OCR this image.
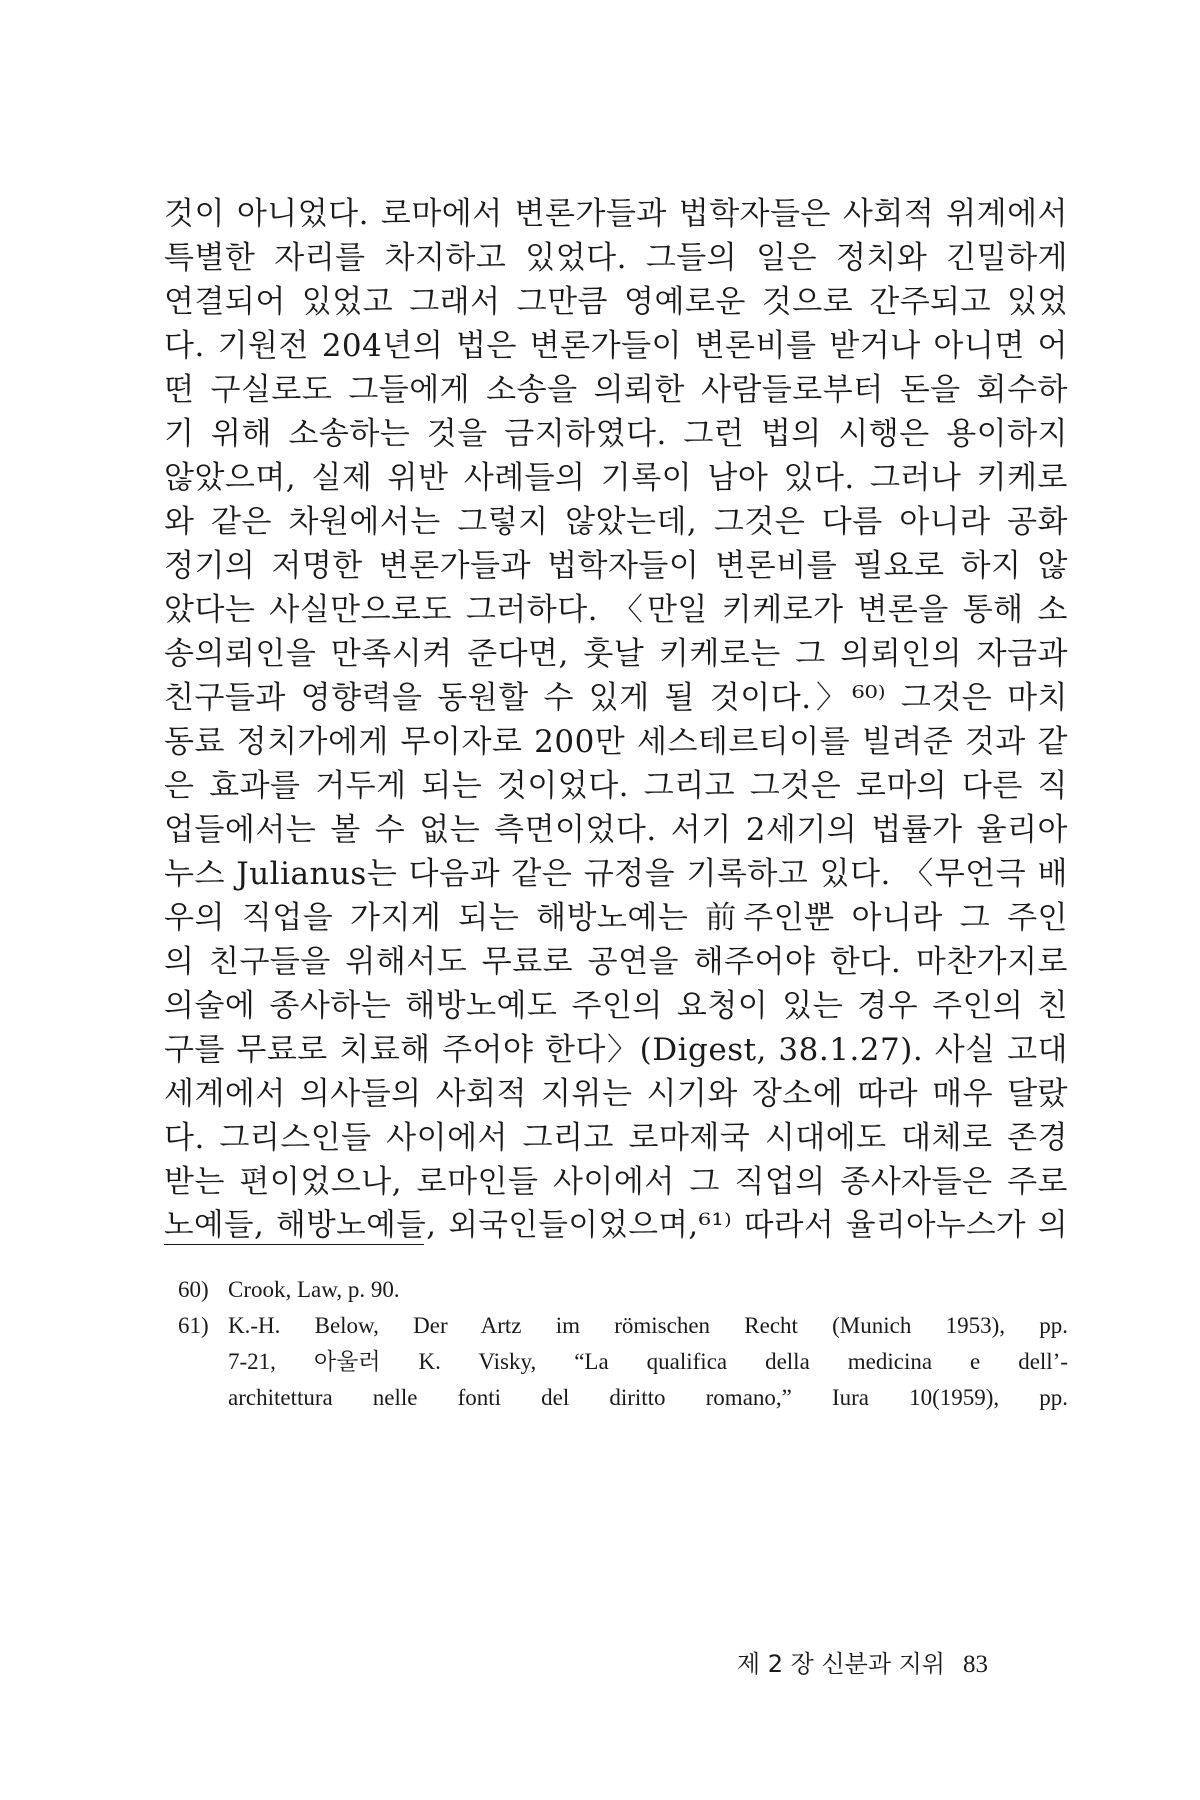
것이 아니었다. 로마에서 변론가들과 법학자들은 사회적 위계에서
특별한 자리를 차지하고 있었다. 그들의 일은 정치와 긴밀하게
연결되어 있었고 그래서 그만큼 영예로운 것으로 간주되고 있었
다. 기원전 204년의 법은 변론가들이 변론비를 받거나 아니면 어
떤 구실로도 그들에게 소송을 의뢰한 사람들로부터 돈을 회수하
기 위해 소송하는 것을 금지하였다. 그런 법의 시행은 용이하지
않았으며, 실제 위반 사례들의 기록이 남아 있다. 그러나 키케로
와 같은 차원에서는 그렇지 않았는데, 그것은 다름 아니라 공화
정기의 저명한 변론가들과 법학자들이 변론비를 필요로 하지 않
았다는 사실만으로도 그러하다. 〈만일 키케로가 변론을 통해 소
송의뢰인을 만족시켜 준다면, 훗날 키케로는 그 의뢰인의 자금과
친구들과 영향력을 동원할 수 있게 될 것이다.〉⁶⁰⁾ 그것은 마치
동료 정치가에게 무이자로 200만 세스테르티이를 빌려준 것과 같
은 효과를 거두게 되는 것이었다. 그리고 그것은 로마의 다른 직
업들에서는 볼 수 없는 측면이었다. 서기 2세기의 법률가 율리아
누스 Julianus는 다음과 같은 규정을 기록하고 있다. 〈무언극 배
우의 직업을 가지게 되는 해방노예는 前주인뿐 아니라 그 주인
의 친구들을 위해서도 무료로 공연을 해주어야 한다. 마찬가지로
의술에 종사하는 해방노예도 주인의 요청이 있는 경우 주인의 친
구를 무료로 치료해 주어야 한다〉(Digest, 38.1.27). 사실 고대
세계에서 의사들의 사회적 지위는 시기와 장소에 따라 매우 달랐
다. 그리스인들 사이에서 그리고 로마제국 시대에도 대체로 존경
받는 편이었으나, 로마인들 사이에서 그 직업의 종사자들은 주로
노예들, 해방노예들, 외국인들이었으며,⁶¹⁾ 따라서 율리아누스가 의
60) Crook, Law, p. 90.
61) K.-H. Below, Der Artz im römischen Recht (Munich 1953), pp.
7-21, 아울러 K. Visky, “La qualifica della medicina e dell’-
architettura nelle fonti del diritto romano,” Iura 10(1959), pp.
제 2 장 신분과 지위 83
